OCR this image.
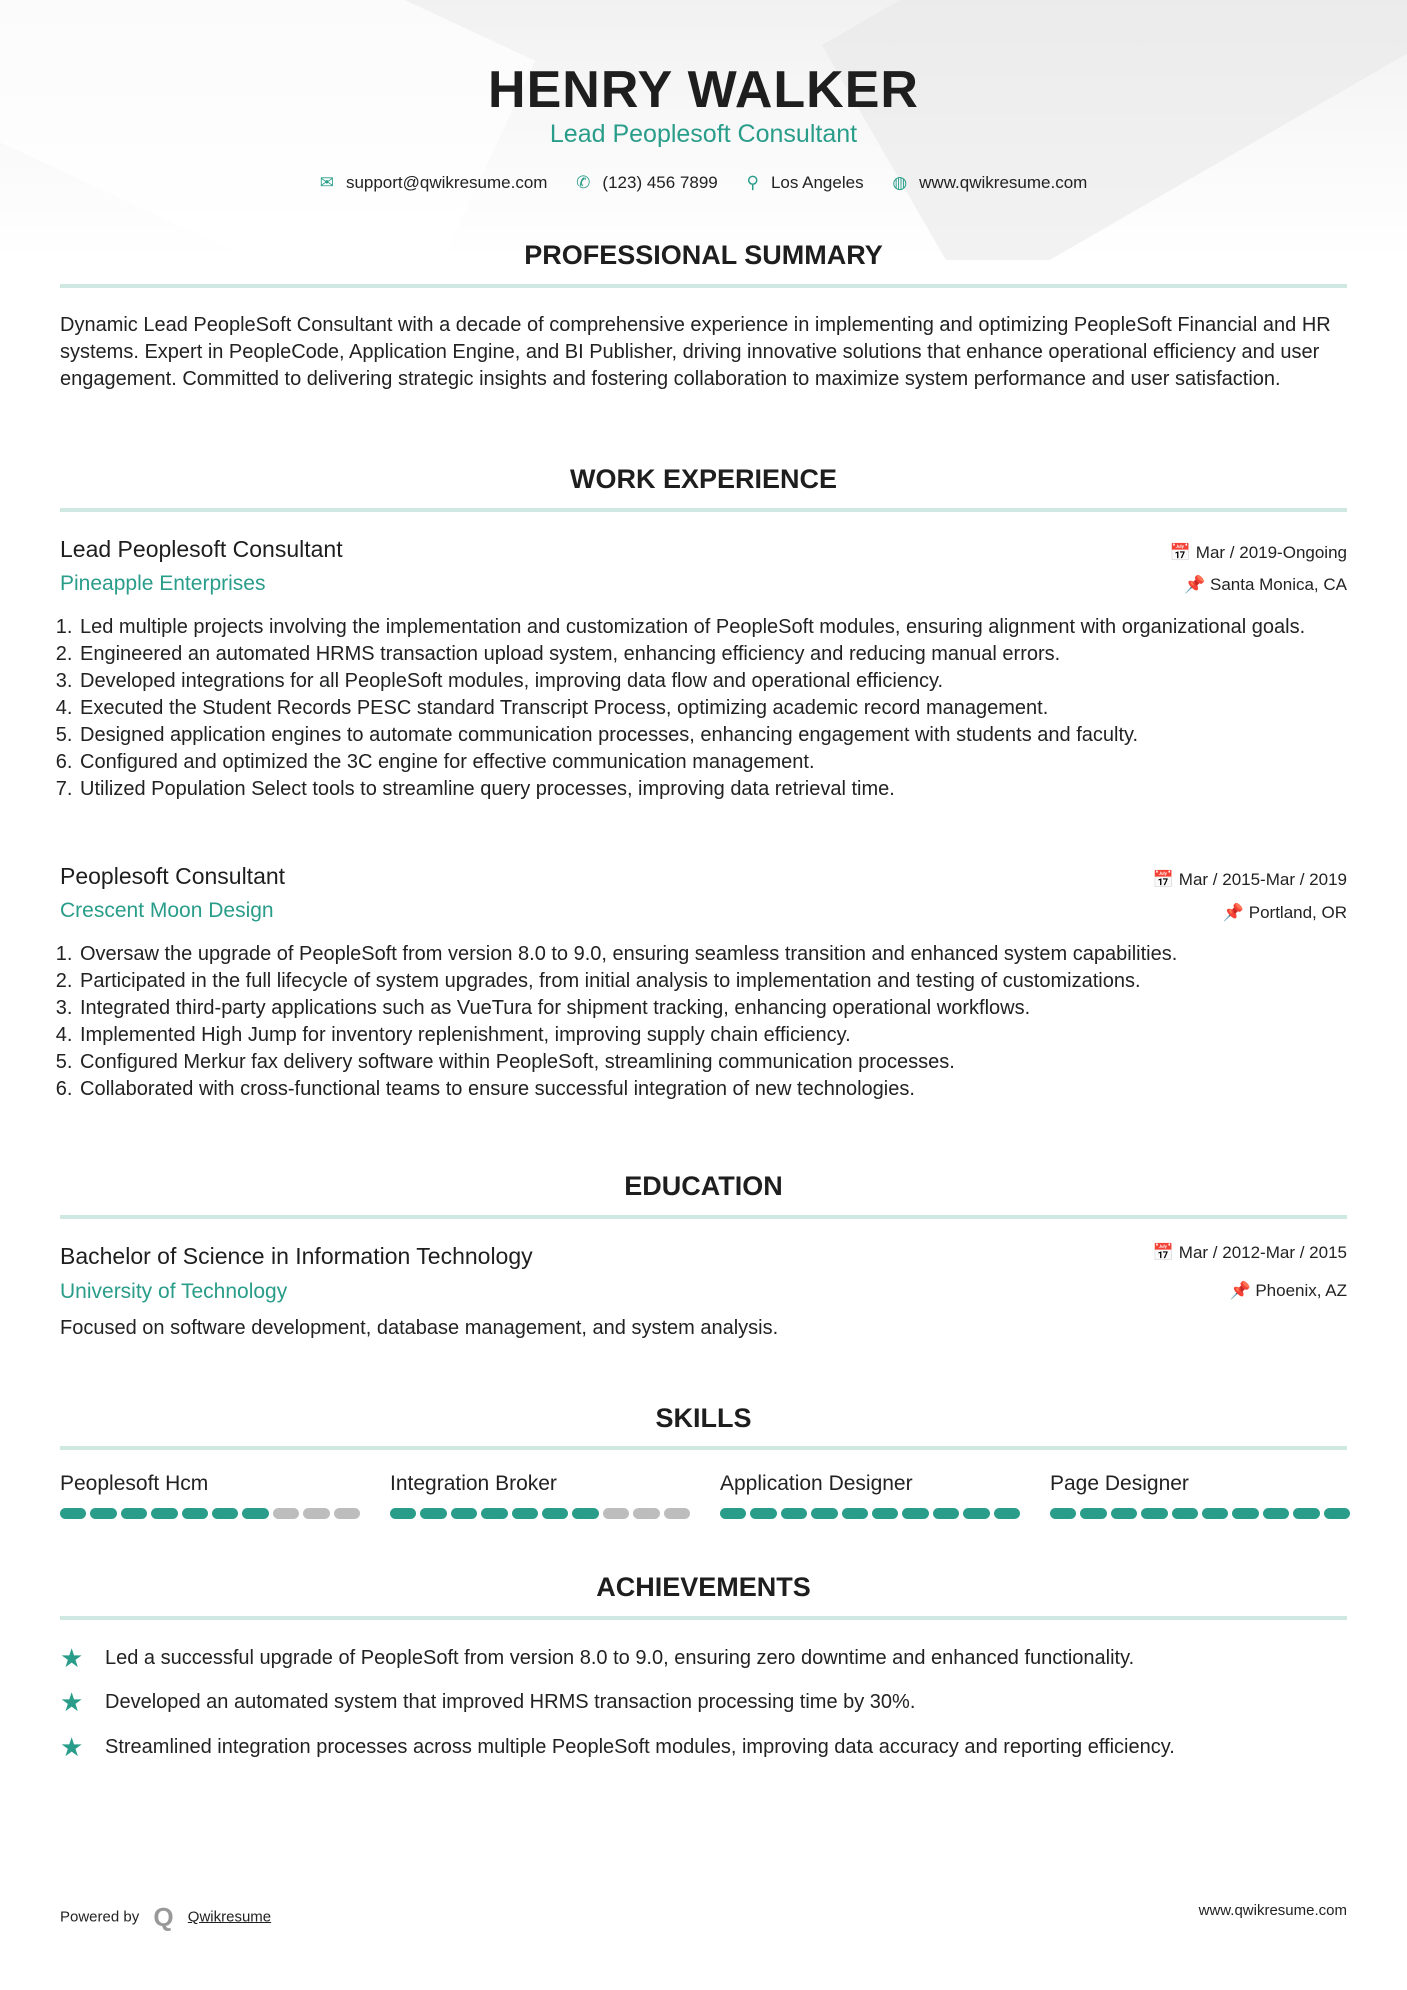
HENRY WALKER
Lead Peoplesoft Consultant
✉ support@qwikresume.com ✆ (123) 456 7899 ⚲ Los Angeles ◍ www.qwikresume.com
PROFESSIONAL SUMMARY
Dynamic Lead PeopleSoft Consultant with a decade of comprehensive experience in implementing and optimizing PeopleSoft Financial and HR systems. Expert in PeopleCode, Application Engine, and BI Publisher, driving innovative solutions that enhance operational efficiency and user engagement. Committed to delivering strategic insights and fostering collaboration to maximize system performance and user satisfaction.
WORK EXPERIENCE
Lead Peoplesoft Consultant	📅 Mar / 2019-Ongoing
Pineapple Enterprises	📌 Santa Monica, CA
1. Led multiple projects involving the implementation and customization of PeopleSoft modules, ensuring alignment with organizational goals.
2. Engineered an automated HRMS transaction upload system, enhancing efficiency and reducing manual errors.
3. Developed integrations for all PeopleSoft modules, improving data flow and operational efficiency.
4. Executed the Student Records PESC standard Transcript Process, optimizing academic record management.
5. Designed application engines to automate communication processes, enhancing engagement with students and faculty.
6. Configured and optimized the 3C engine for effective communication management.
7. Utilized Population Select tools to streamline query processes, improving data retrieval time.
Peoplesoft Consultant	📅 Mar / 2015-Mar / 2019
Crescent Moon Design	📌 Portland, OR
1. Oversaw the upgrade of PeopleSoft from version 8.0 to 9.0, ensuring seamless transition and enhanced system capabilities.
2. Participated in the full lifecycle of system upgrades, from initial analysis to implementation and testing of customizations.
3. Integrated third-party applications such as VueTura for shipment tracking, enhancing operational workflows.
4. Implemented High Jump for inventory replenishment, improving supply chain efficiency.
5. Configured Merkur fax delivery software within PeopleSoft, streamlining communication processes.
6. Collaborated with cross-functional teams to ensure successful integration of new technologies.
EDUCATION
Bachelor of Science in Information Technology	📅 Mar / 2012-Mar / 2015
University of Technology	📌 Phoenix, AZ
Focused on software development, database management, and system analysis.
SKILLS
Peoplesoft Hcm	Integration Broker	Application Designer	Page Designer
ACHIEVEMENTS
★	Led a successful upgrade of PeopleSoft from version 8.0 to 9.0, ensuring zero downtime and enhanced functionality.
★	Developed an automated system that improved HRMS transaction processing time by 30%.
★	Streamlined integration processes across multiple PeopleSoft modules, improving data accuracy and reporting efficiency.
Powered by Q Qwikresume	www.qwikresume.com
